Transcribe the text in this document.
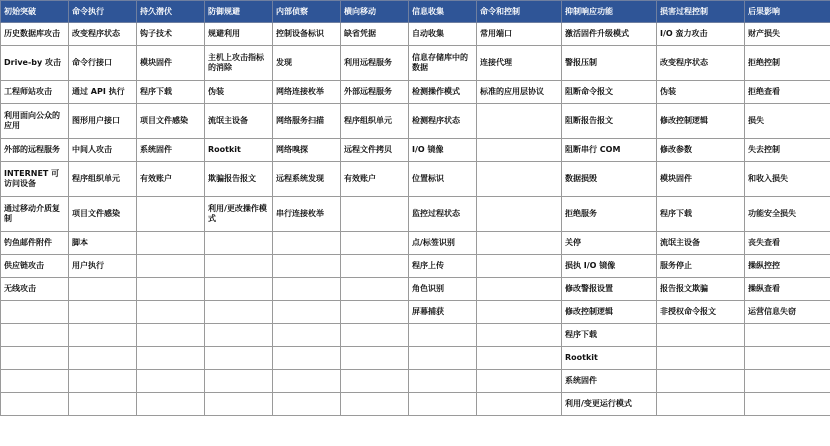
初始突破	命令执行	持久潜伏	防御规避	内部侦察	横向移动	信息收集	命令和控制	抑制响应功能	损害过程控制	后果影响
历史数据库攻击	改变程序状态	钩子技术	规避利用	控制设备标识	缺省凭据	自动收集	常用端口	激活固件升级模式	I/O 蛮力攻击	财产损失
Drive-by 攻击	命令行接口	模块固件	主机上攻击指标的消除	发现	利用远程服务	信息存储库中的数据	连接代理	警报压制	改变程序状态	拒绝控制
工程师站攻击	通过 API 执行	程序下载	伪装	网络连接枚举	外部远程服务	检测操作模式	标准的应用层协议	阻断命令报文	伪装	拒绝查看
利用面向公众的应用	图形用户接口	项目文件感染	流氓主设备	网络服务扫描	程序组织单元	检测程序状态		阻断报告报文	修改控制逻辑	损失
外部的远程服务	中间人攻击	系统固件	Rootkit	网络嗅探	远程文件拷贝	I/O 镜像		阻断串行 COM	修改参数	失去控制
INTERNET 可访问设备	程序组织单元	有效账户	欺骗报告报文	远程系统发现	有效账户	位置标识		数据损毁	模块固件	和收入损失
通过移动介质复制	项目文件感染		利用/更改操作模式	串行连接枚举		监控过程状态		拒绝服务	程序下载	功能安全损失
钓鱼邮件附件	脚本					点/标签识别		关停	流氓主设备	丧失查看
供应链攻击	用户执行					程序上传		损执 I/O 镜像	服务停止	操纵控控
无线攻击						角色识别		修改警报设置	报告报文欺骗	操纵查看
						屏幕捕获		修改控制逻辑	非授权命令报文	运营信息失窃
								程序下载		
								Rootkit		
								系统固件		
								利用/变更运行模式		
